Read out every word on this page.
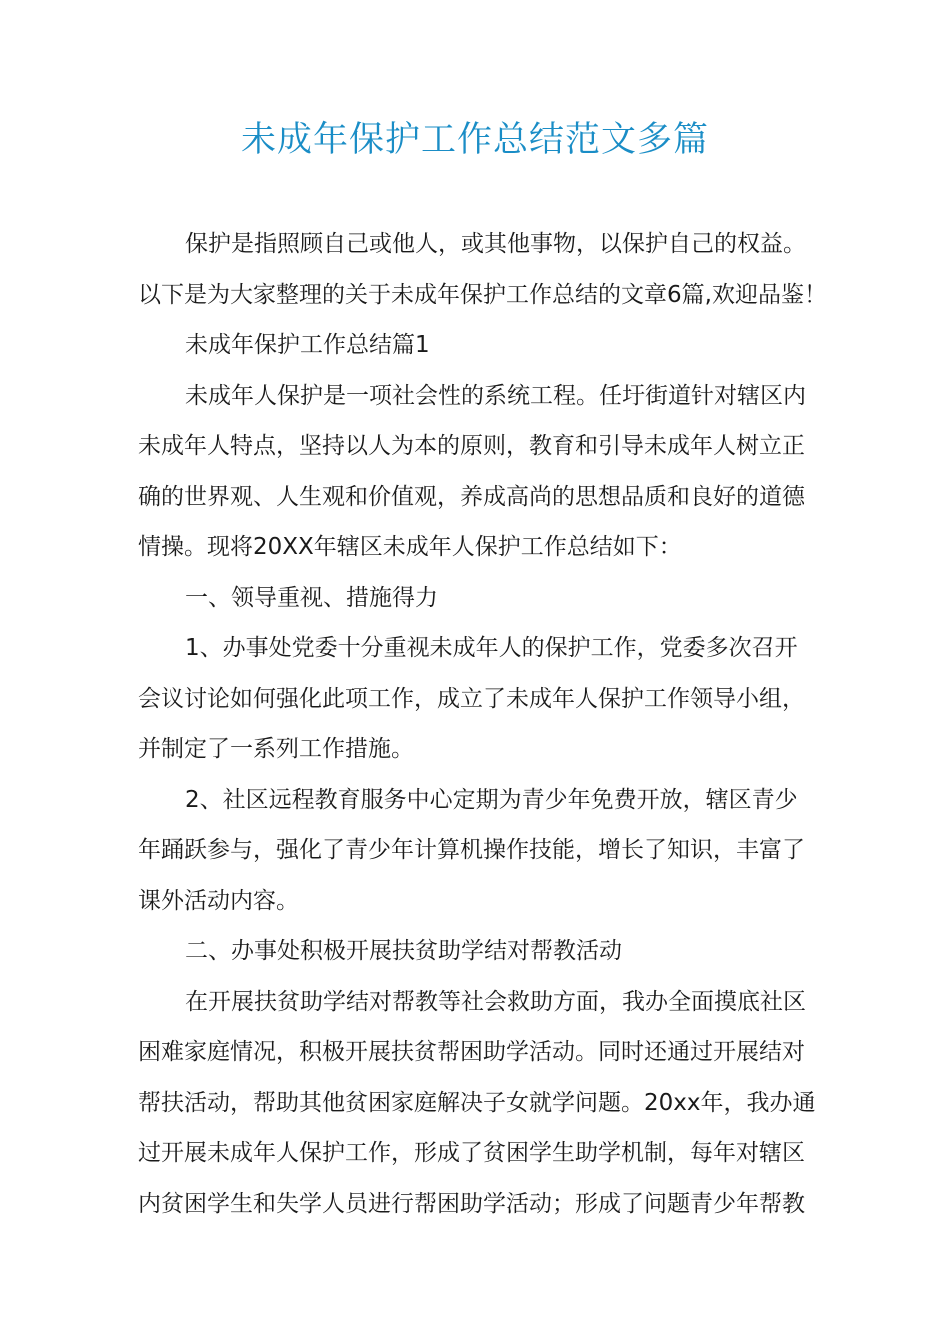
未成年保护工作总结范文多篇
保护是指照顾自己或他人，或其他事物，以保护自己的权益。
以下是为大家整理的关于未成年保护工作总结的文章6篇,欢迎品鉴！
未成年保护工作总结篇1
未成年人保护是一项社会性的系统工程。任圩街道针对辖区内
未成年人特点，坚持以人为本的原则，教育和引导未成年人树立正
确的世界观、人生观和价值观，养成高尚的思想品质和良好的道德
情操。现将20XX年辖区未成年人保护工作总结如下：
一、领导重视、措施得力
1、办事处党委十分重视未成年人的保护工作，党委多次召开
会议讨论如何强化此项工作，成立了未成年人保护工作领导小组，
并制定了一系列工作措施。
2、社区远程教育服务中心定期为青少年免费开放，辖区青少
年踊跃参与，强化了青少年计算机操作技能，增长了知识，丰富了
课外活动内容。
二、办事处积极开展扶贫助学结对帮教活动
在开展扶贫助学结对帮教等社会救助方面，我办全面摸底社区
困难家庭情况，积极开展扶贫帮困助学活动。同时还通过开展结对
帮扶活动，帮助其他贫困家庭解决子女就学问题。20xx年，我办通
过开展未成年人保护工作，形成了贫困学生助学机制，每年对辖区
内贫困学生和失学人员进行帮困助学活动；形成了问题青少年帮教
